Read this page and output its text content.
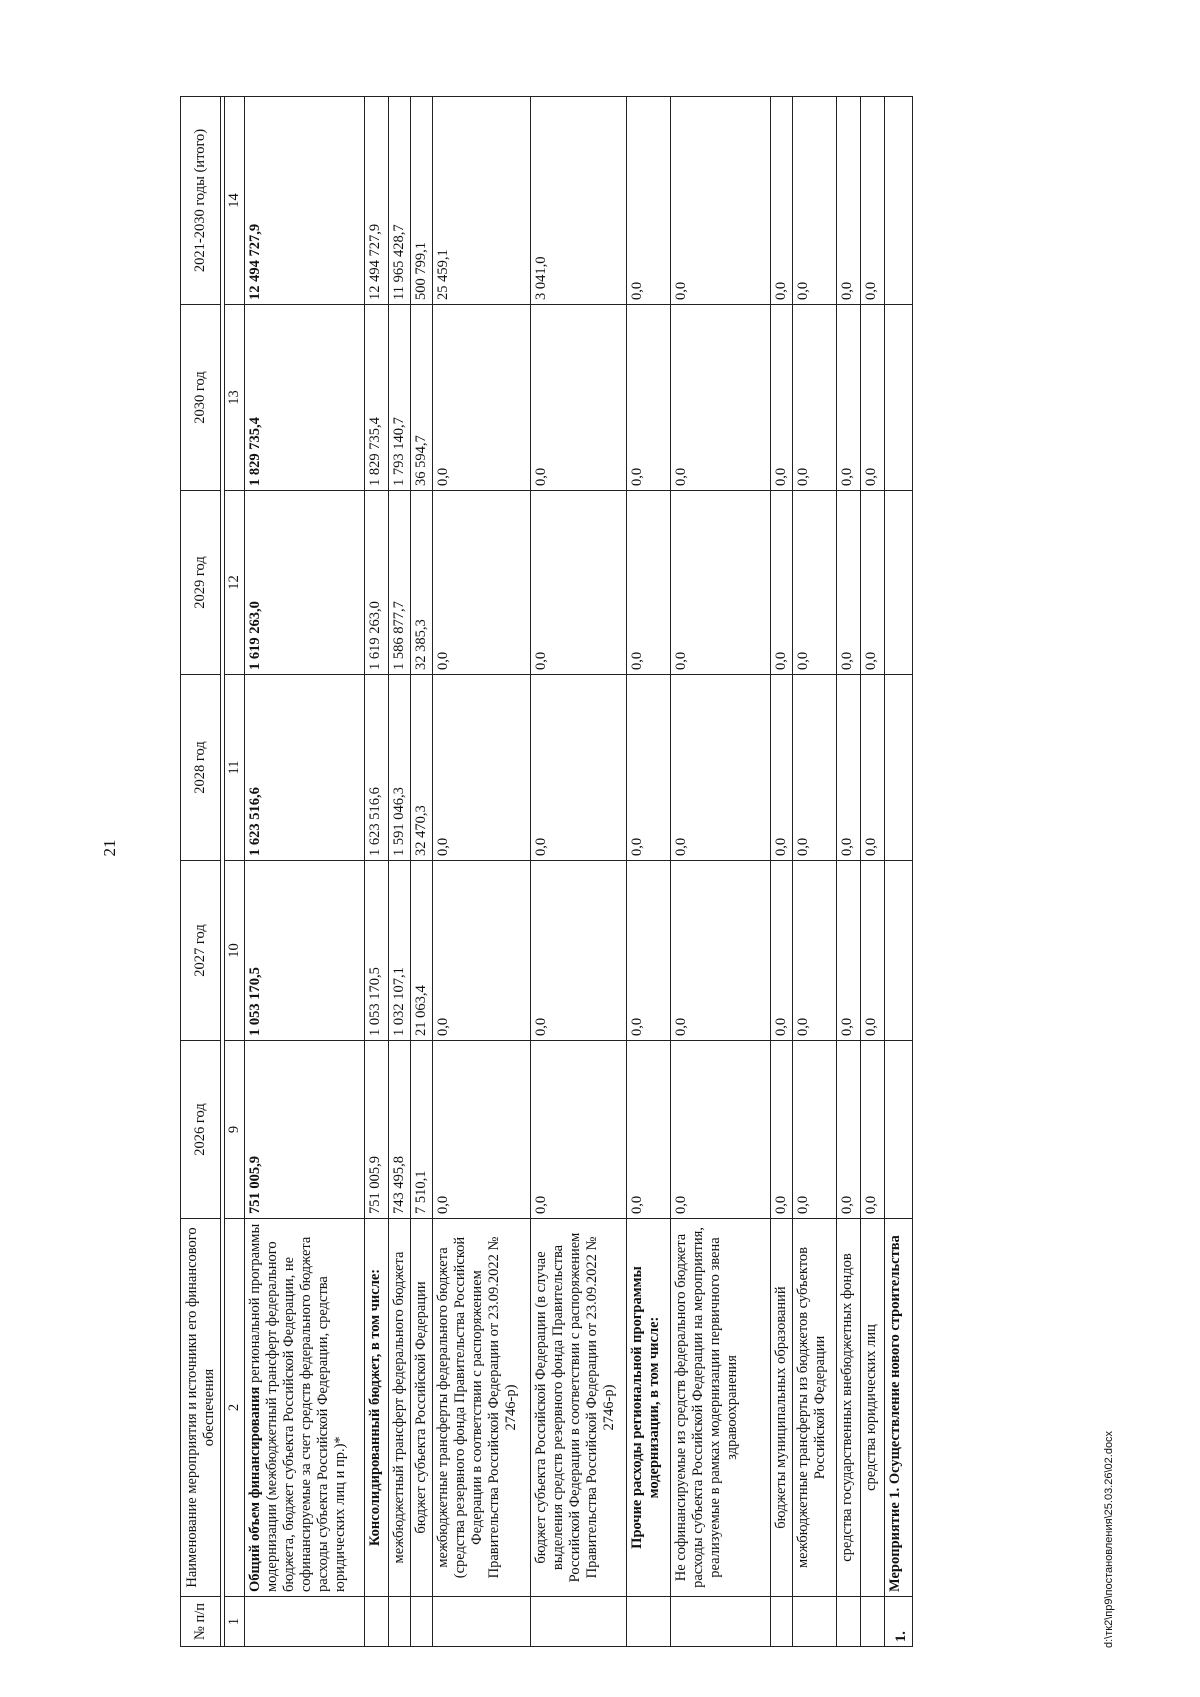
21
№ п/п	Наименование мероприятия и источники его финансового обеспечения	2026 год	2027 год	2028 год	2029 год	2030 год	2021-2030 годы (итого)

1	2	9	10	11	12	13	14
	Общий объем финансирования региональной программы модернизации (межбюджетный трансферт федерального бюджета, бюджет субъекта Российской Федерации, не софинансируемые за счет средств федерального бюджета расходы субъекта Российской Федерации, средства юридических лиц и пр.)*	751 005,9	1 053 170,5	1 623 516,6	1 619 263,0	1 829 735,4	12 494 727,9
	Консолидированный бюджет, в том числе:	751 005,9	1 053 170,5	1 623 516,6	1 619 263,0	1 829 735,4	12 494 727,9
	межбюджетный трансферт федерального бюджета	743 495,8	1 032 107,1	1 591 046,3	1 586 877,7	1 793 140,7	11 965 428,7
	бюджет субъекта Российской Федерации	7 510,1	21 063,4	32 470,3	32 385,3	36 594,7	500 799,1
	межбюджетные трансферты федерального бюджета (средства резервного фонда Правительства Российской Федерации в соответствии с распоряжением Правительства Российской Федерации от 23.09.2022 № 2746-р)	0,0	0,0	0,0	0,0	0,0	25 459,1
	бюджет субъекта Российской Федерации (в случае выделения средств резервного фонда Правительства Российской Федерации в соответствии с распоряжением Правительства Российской Федерации от 23.09.2022 № 2746-р)	0,0	0,0	0,0	0,0	0,0	3 041,0
	Прочие расходы региональной программы модернизации, в том числе:	0,0	0,0	0,0	0,0	0,0	0,0
	Не софинансируемые из средств федерального бюджета расходы субъекта Российской Федерации на мероприятия, реализуемые в рамках модернизации первичного звена здравоохранения	0,0	0,0	0,0	0,0	0,0	0,0
	бюджеты муниципальных образований	0,0	0,0	0,0	0,0	0,0	0,0
	межбюджетные трансферты из бюджетов субъектов Российской Федерации	0,0	0,0	0,0	0,0	0,0	0,0
	средства государственных внебюджетных фондов	0,0	0,0	0,0	0,0	0,0	0,0
	средства юридических лиц	0,0	0,0	0,0	0,0	0,0	0,0
1.	Мероприятие 1. Осуществление нового строительства							d:\тк2\пр9\постановления\25.03.26\02.docx
